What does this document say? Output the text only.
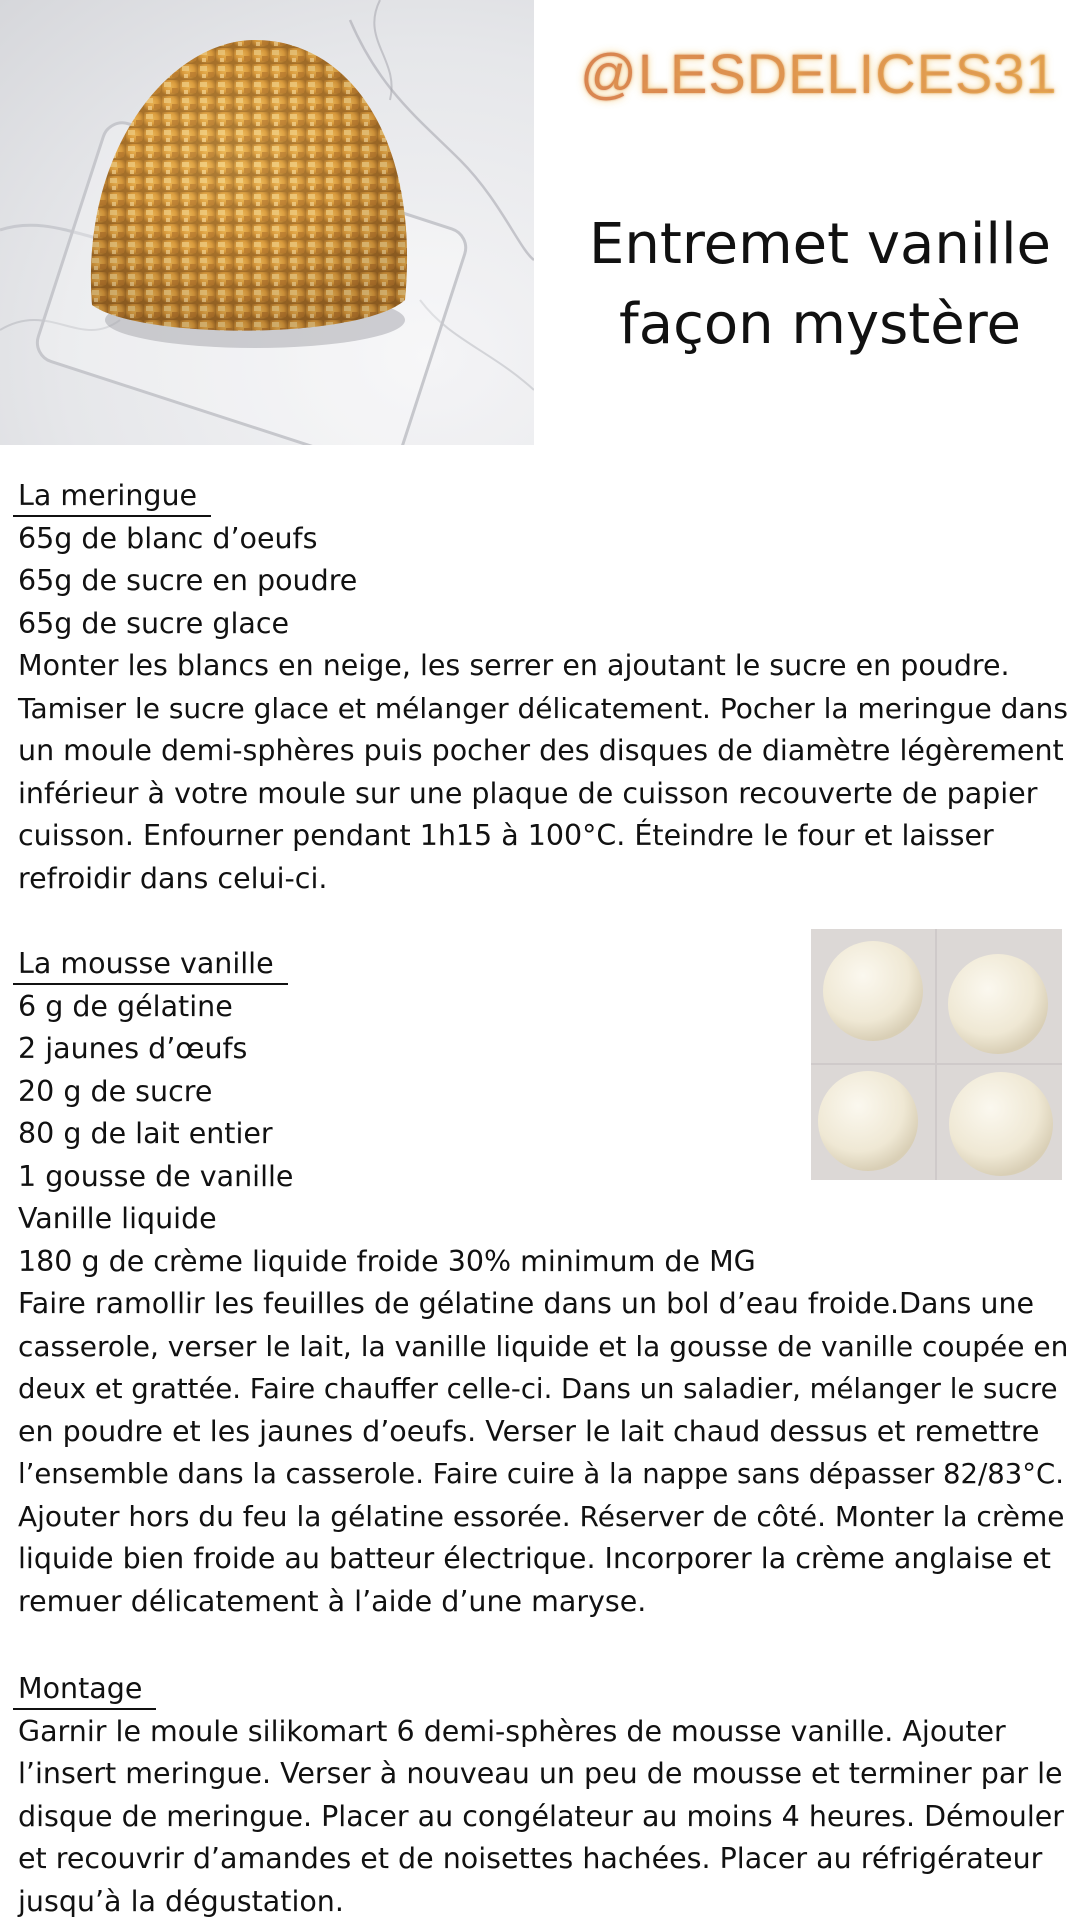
@LESDELICES31
Entremet vanille
façon mystère
La meringue
65g de blanc d’oeufs
65g de sucre en poudre
65g de sucre glace
Monter les blancs en neige, les serrer en ajoutant le sucre en poudre.
Tamiser le sucre glace et mélanger délicatement. Pocher la meringue dans
un moule demi-sphères puis pocher des disques de diamètre légèrement
inférieur à votre moule sur une plaque de cuisson recouverte de papier
cuisson. Enfourner pendant 1h15 à 100°C. Éteindre le four et laisser
refroidir dans celui-ci.
La mousse vanille
6 g de gélatine
2 jaunes d’œufs
20 g de sucre
80 g de lait entier
1 gousse de vanille
Vanille liquide
180 g de crème liquide froide 30% minimum de MG
Faire ramollir les feuilles de gélatine dans un bol d’eau froide.Dans une
casserole, verser le lait, la vanille liquide et la gousse de vanille coupée en
deux et grattée. Faire chauffer celle-ci. Dans un saladier, mélanger le sucre
en poudre et les jaunes d’oeufs. Verser le lait chaud dessus et remettre
l’ensemble dans la casserole. Faire cuire à la nappe sans dépasser 82/83°C.
Ajouter hors du feu la gélatine essorée. Réserver de côté. Monter la crème
liquide bien froide au batteur électrique. Incorporer la crème anglaise et
remuer délicatement à l’aide d’une maryse.
Montage
Garnir le moule silikomart 6 demi-sphères de mousse vanille. Ajouter
l’insert meringue. Verser à nouveau un peu de mousse et terminer par le
disque de meringue. Placer au congélateur au moins 4 heures. Démouler
et recouvrir d’amandes et de noisettes hachées. Placer au réfrigérateur
jusqu’à la dégustation.
